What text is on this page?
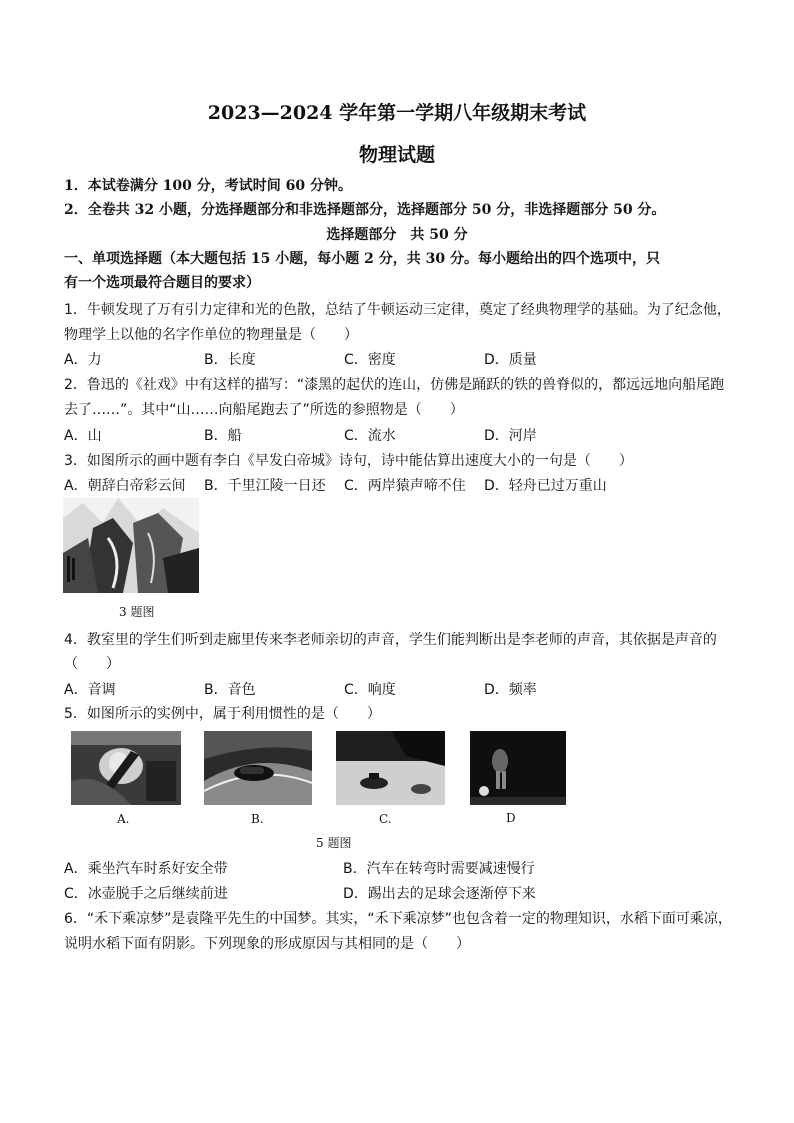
2023—2024 学年第一学期八年级期末考试
物理试题
1．本试卷满分 100 分，考试时间 60 分钟。
2．全卷共 32 小题，分选择题部分和非选择题部分，选择题部分 50 分，非选择题部分 50 分。
选择题部分　共 50 分
一、单项选择题（本大题包括 15 小题，每小题 2 分，共 30 分。每小题给出的四个选项中，只
有一个选项最符合题目的要求）
1．牛顿发现了万有引力定律和光的色散，总结了牛顿运动三定律，奠定了经典物理学的基础。为了纪念他，
物理学上以他的名字作单位的物理量是（　　）
A．力	B．长度	C．密度	D．质量
2．鲁迅的《社戏》中有这样的描写：“漆黑的起伏的连山，仿佛是踊跃的铁的兽脊似的，都远远地向船尾跑
去了……”。其中“山……向船尾跑去了”所选的参照物是（　　）
A．山	B．船	C．流水	D．河岸
3．如图所示的画中题有李白《早发白帝城》诗句，诗中能估算出速度大小的一句是（　　）
A．朝辞白帝彩云间 B．千里江陵一日还 C．两岸猿声啼不住 D．轻舟已过万重山
3 题图
4．教室里的学生们听到走廊里传来李老师亲切的声音，学生们能判断出是李老师的声音，其依据是声音的
（　　）
A．音调	B．音色	C．响度	D．频率
5．如图所示的实例中，属于利用惯性的是（　　）
A.	B.	C.	D
5 题图
A．乘坐汽车时系好安全带	B．汽车在转弯时需要减速慢行
C．冰壶脱手之后继续前进	D．踢出去的足球会逐渐停下来
6．“禾下乘凉梦”是袁隆平先生的中国梦。其实，“禾下乘凉梦”也包含着一定的物理知识，水稻下面可乘凉，
说明水稻下面有阴影。下列现象的形成原因与其相同的是（　　）
